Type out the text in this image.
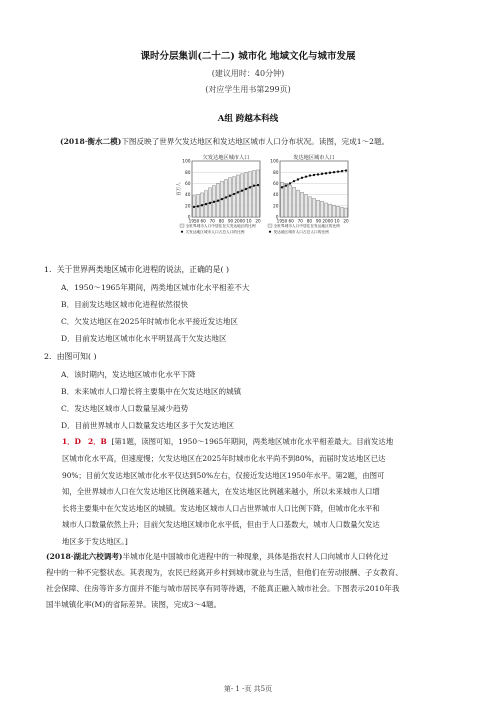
课时分层集训(二十二) 城市化 地域文化与城市发展
(建议用时：40分钟)
(对应学生用书第299页)
A组 跨越本科线
(2018·衡水二模)下图反映了世界欠发达地区和发达地区城市人口分布状况。读图，完成1～2题。
欠发达地区城市人口
100
80
60
40
20
0
百万人
1950 60 70 80 90 2000 10 20
全世界城市人口中居住在欠发达地区的比例
欠发达地区城市人口占总人口的比例
发达地区城市人口
100
80
60
40
20
0
1950 60 70 80 90 2000 10 20
全世界城市人口中居住在发达地区的比例
发达地区城市人口占总人口的比例
1．关于世界两类地区城市化进程的说法，正确的是( )
A．1950～1965年期间，两类地区城市化水平相差不大
B．目前发达地区城市化进程依然很快
C．欠发达地区在2025年时城市化水平接近发达地区
D．目前发达地区城市化水平明显高于欠发达地区
2．由图可知( )
A．该时期内，发达地区城市化水平下降
B．未来城市人口增长将主要集中在欠发达地区的城镇
C．发达地区城市人口数量呈减少趋势
D．目前世界城市人口数量发达地区多于欠发达地区
1．D 2．B [第1题，读图可知，1950～1965年期间，两类地区城市化水平相差最大。目前发达地
区城市化水平高，但速度慢；欠发达地区在2025年时城市化水平尚不到80%，而届时发达地区已达
90%；目前欠发达地区城市化水平仅达到50%左右，仅接近发达地区1950年水平。第2题，由图可
知，全世界城市人口在欠发达地区比例越来越大，在发达地区比例越来越小，所以未来城市人口增
长将主要集中在欠发达地区的城镇。发达地区城市人口占世界城市人口比例下降，但城市化水平和
城市人口数量依然上升；目前欠发达地区城市化水平低，但由于人口基数大，城市人口数量欠发达
地区多于发达地区。]
(2018·湖北六校调考)半城市化是中国城市化进程中的一种现象，具体是指农村人口向城市人口转化过
程中的一种不完整状态。其表现为，农民已经离开乡村到城市就业与生活，但他们在劳动报酬、子女教育、
社会保障、住房等许多方面并不能与城市居民享有同等待遇，不能真正融入城市社会。下图表示2010年我
国半城镇化率(M)的省际差异。读图，完成3～4题。
第- 1 -页 共5页
